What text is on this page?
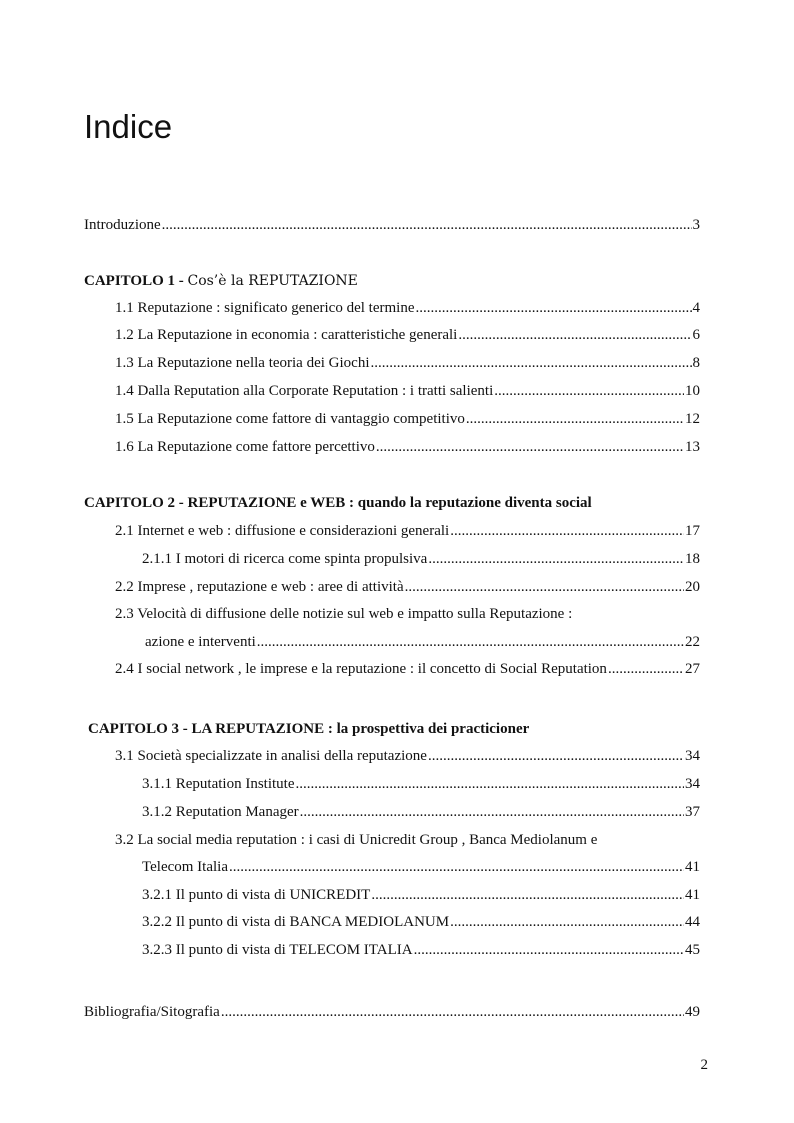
Indice
Introduzione .....	3
CAPITOLO 1 - Cos’è la REPUTAZIONE
1.1 Reputazione : significato generico del termine .....	4
1.2 La Reputazione in economia : caratteristiche generali .....	6
1.3 La Reputazione nella teoria dei Giochi .....	8
1.4 Dalla Reputation alla Corporate Reputation : i tratti salienti .....	10
1.5 La Reputazione come fattore di vantaggio competitivo .....	12
1.6 La Reputazione come fattore percettivo .....	13
CAPITOLO 2 - REPUTAZIONE e WEB : quando la reputazione diventa social
2.1 Internet e web : diffusione e considerazioni generali .....	17
2.1.1 I motori di ricerca come spinta propulsiva .....	18
2.2 Imprese , reputazione e web : aree di attività .....	20
2.3 Velocità di diffusione delle notizie sul web e impatto sulla Reputazione :
azione e interventi .....	22
2.4 I social network , le imprese e la reputazione : il concetto di Social Reputation .....	27
CAPITOLO 3 - LA REPUTAZIONE : la prospettiva dei practicioner
3.1 Società specializzate in analisi della reputazione .....	34
3.1.1 Reputation Institute .....	34
3.1.2 Reputation Manager .....	37
3.2 La social media reputation : i casi di Unicredit Group , Banca Mediolanum e
Telecom Italia .....	41
3.2.1 Il punto di vista di UNICREDIT .....	41
3.2.2 Il punto di vista di BANCA MEDIOLANUM .....	44
3.2.3 Il punto di vista di TELECOM ITALIA .....	45
Bibliografia/Sitografia .....	49
2
